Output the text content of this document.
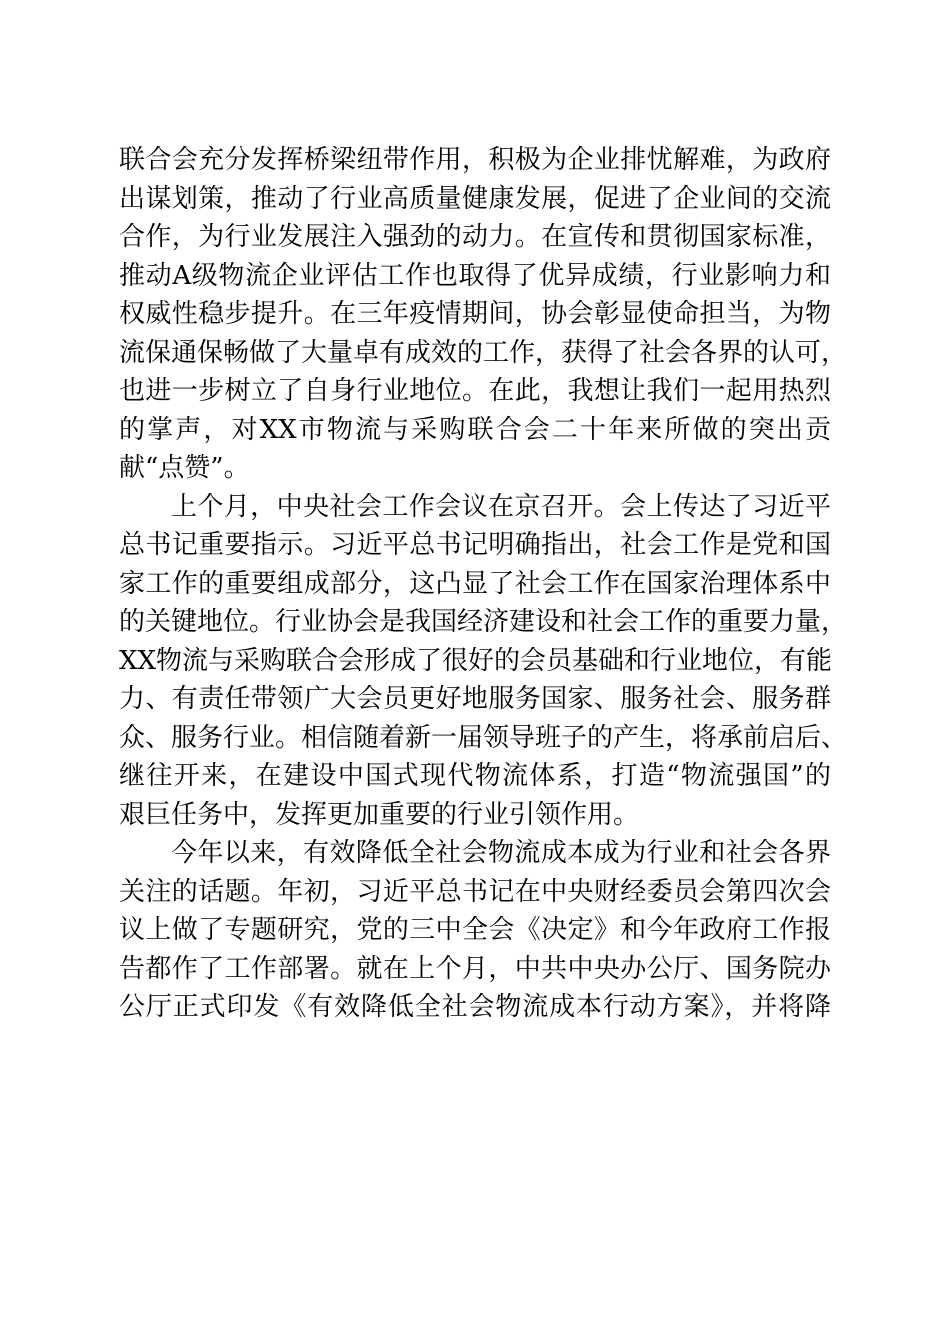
联合会充分发挥桥梁纽带作用，积极为企业排忧解难，为政府
出谋划策，推动了行业高质量健康发展，促进了企业间的交流
合作，为行业发展注入强劲的动力。在宣传和贯彻国家标准，
推动A级物流企业评估工作也取得了优异成绩，行业影响力和
权威性稳步提升。在三年疫情期间，协会彰显使命担当，为物
流保通保畅做了大量卓有成效的工作，获得了社会各界的认可，
也进一步树立了自身行业地位。在此，我想让我们一起用热烈
的掌声，对XX市物流与采购联合会二十年来所做的突出贡
献“点赞”。
上个月，中央社会工作会议在京召开。会上传达了习近平
总书记重要指示。习近平总书记明确指出，社会工作是党和国
家工作的重要组成部分，这凸显了社会工作在国家治理体系中
的关键地位。行业协会是我国经济建设和社会工作的重要力量，
XX物流与采购联合会形成了很好的会员基础和行业地位，有能
力、有责任带领广大会员更好地服务国家、服务社会、服务群
众、服务行业。相信随着新一届领导班子的产生，将承前启后、
继往开来，在建设中国式现代物流体系，打造“物流强国”的
艰巨任务中，发挥更加重要的行业引领作用。
今年以来，有效降低全社会物流成本成为行业和社会各界
关注的话题。年初，习近平总书记在中央财经委员会第四次会
议上做了专题研究，党的三中全会《决定》和今年政府工作报
告都作了工作部署。就在上个月，中共中央办公厅、国务院办
公厅正式印发《有效降低全社会物流成本行动方案》，并将降
